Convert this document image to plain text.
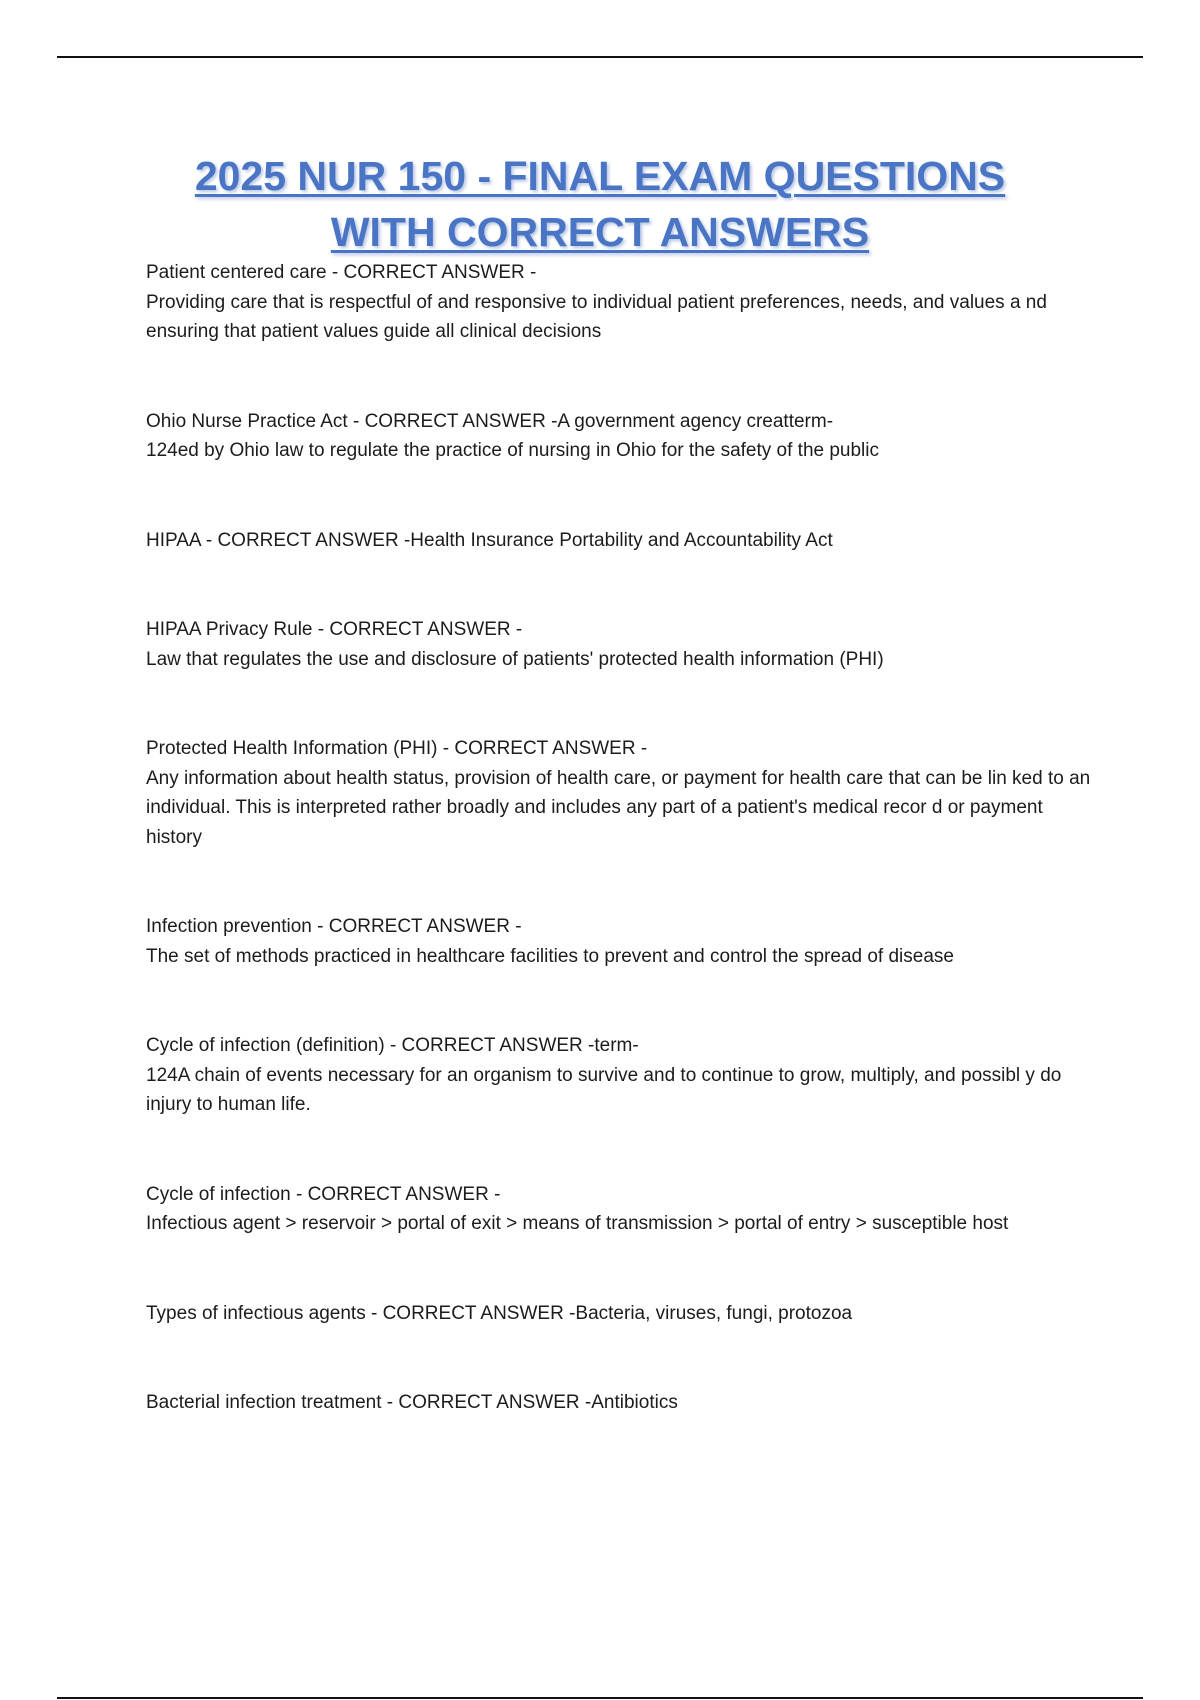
2025 NUR 150 - FINAL EXAM QUESTIONS
WITH CORRECT ANSWERS
Patient centered care - CORRECT ANSWER -
Providing care that is respectful of and responsive to individual patient preferences, needs, and values a nd ensuring that patient values guide all clinical decisions
Ohio Nurse Practice Act - CORRECT ANSWER -A government agency creatterm-
124ed by Ohio law to regulate the practice of nursing in Ohio for the safety of the public
HIPAA - CORRECT ANSWER -Health Insurance Portability and Accountability Act
HIPAA Privacy Rule - CORRECT ANSWER -
Law that regulates the use and disclosure of patients' protected health information (PHI)
Protected Health Information (PHI) - CORRECT ANSWER -
Any information about health status, provision of health care, or payment for health care that can be lin ked to an individual. This is interpreted rather broadly and includes any part of a patient's medical recor d or payment history
Infection prevention - CORRECT ANSWER -
The set of methods practiced in healthcare facilities to prevent and control the spread of disease
Cycle of infection (definition) - CORRECT ANSWER -term-
124A chain of events necessary for an organism to survive and to continue to grow, multiply, and possibl y do injury to human life.
Cycle of infection - CORRECT ANSWER -
Infectious agent > reservoir > portal of exit > means of transmission > portal of entry > susceptible host
Types of infectious agents - CORRECT ANSWER -Bacteria, viruses, fungi, protozoa
Bacterial infection treatment - CORRECT ANSWER -Antibiotics
